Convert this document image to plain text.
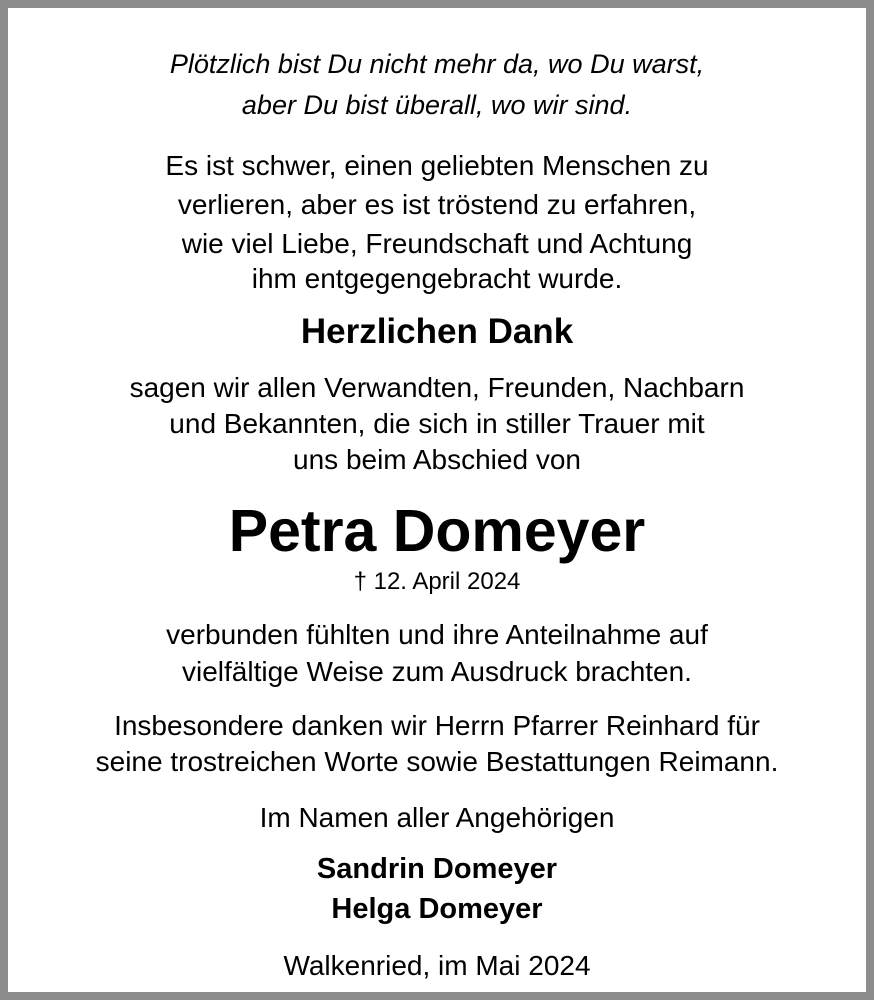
Plötzlich bist Du nicht mehr da, wo Du warst,
aber Du bist überall, wo wir sind.
Es ist schwer, einen geliebten Menschen zu
verlieren, aber es ist tröstend zu erfahren,
wie viel Liebe, Freundschaft und Achtung
ihm entgegengebracht wurde.
Herzlichen Dank
sagen wir allen Verwandten, Freunden, Nachbarn
und Bekannten, die sich in stiller Trauer mit
uns beim Abschied von
Petra Domeyer
† 12. April 2024
verbunden fühlten und ihre Anteilnahme auf
vielfältige Weise zum Ausdruck brachten.
Insbesondere danken wir Herrn Pfarrer Reinhard für
seine trostreichen Worte sowie Bestattungen Reimann.
Im Namen aller Angehörigen
Sandrin Domeyer
Helga Domeyer
Walkenried, im Mai 2024
